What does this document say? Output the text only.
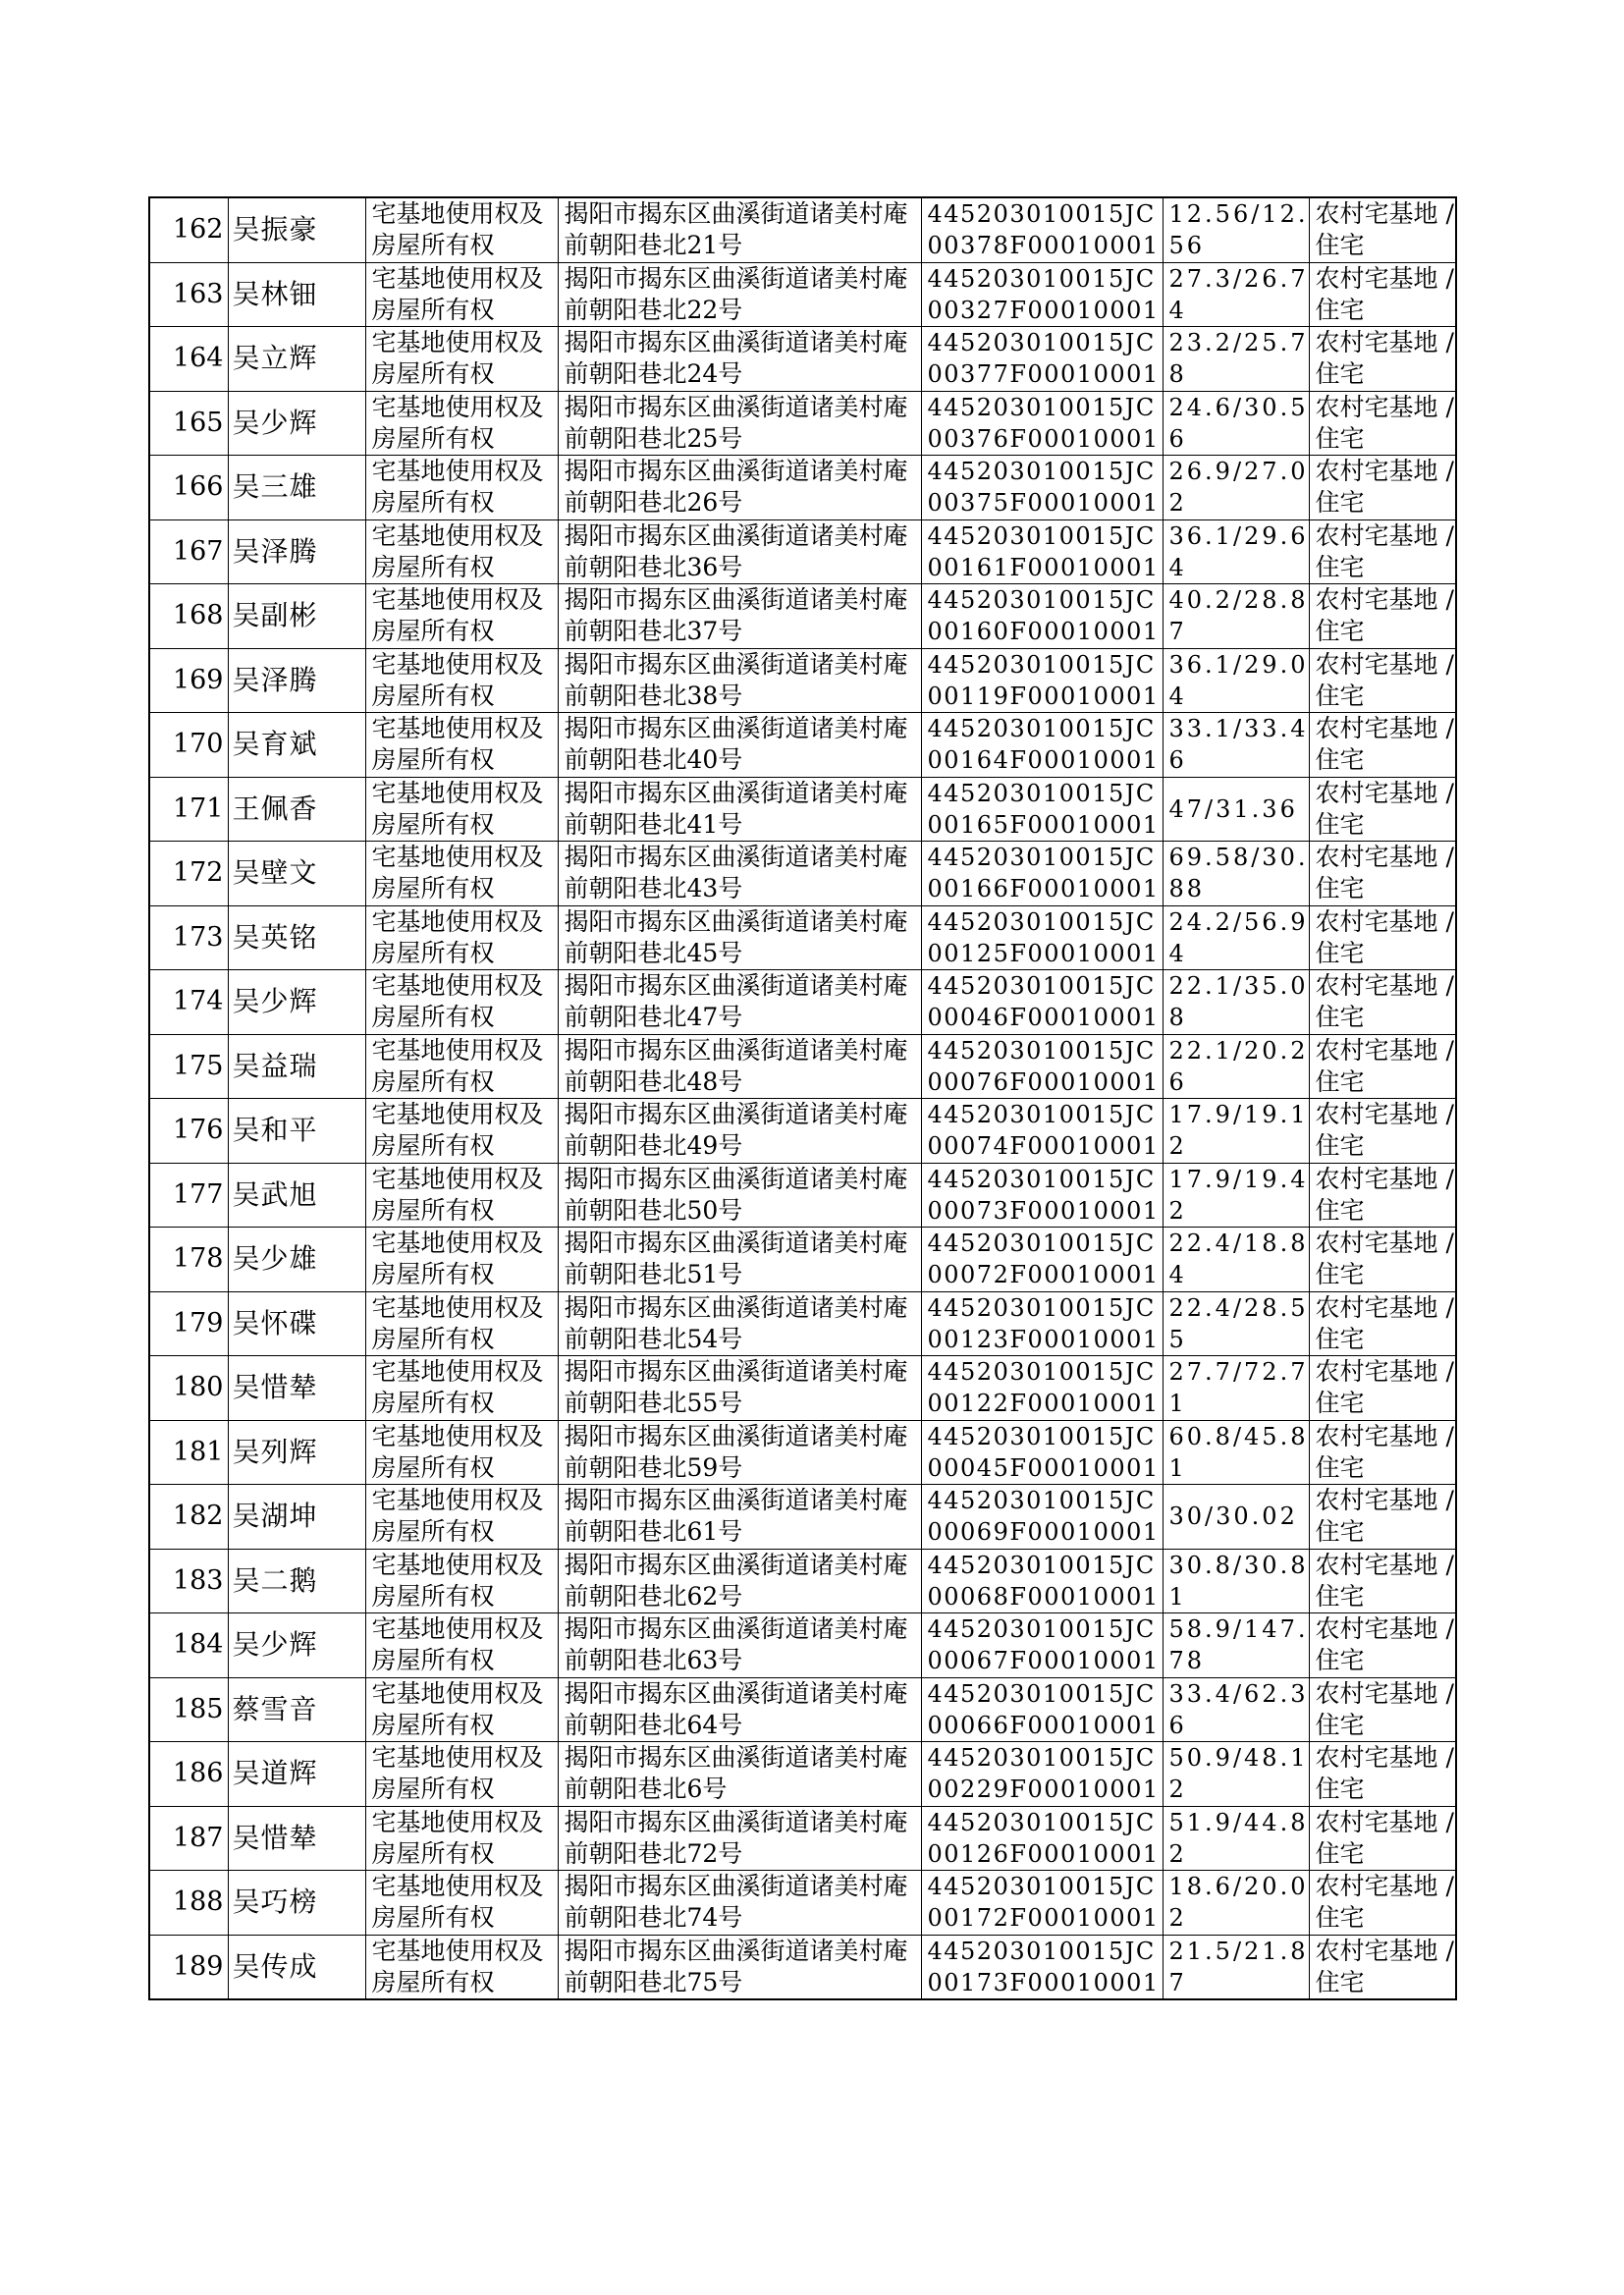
162	吴振豪	宅基地使用权及房屋所有权	揭阳市揭东区曲溪街道诸美村庵前朝阳巷北21号	445203010015JC00378F00010001	12.56/12.56	农村宅基地 / 住宅
163	吴林钿	宅基地使用权及房屋所有权	揭阳市揭东区曲溪街道诸美村庵前朝阳巷北22号	445203010015JC00327F00010001	27.3/26.74	农村宅基地 / 住宅
164	吴立辉	宅基地使用权及房屋所有权	揭阳市揭东区曲溪街道诸美村庵前朝阳巷北24号	445203010015JC00377F00010001	23.2/25.78	农村宅基地 / 住宅
165	吴少辉	宅基地使用权及房屋所有权	揭阳市揭东区曲溪街道诸美村庵前朝阳巷北25号	445203010015JC00376F00010001	24.6/30.56	农村宅基地 / 住宅
166	吴三雄	宅基地使用权及房屋所有权	揭阳市揭东区曲溪街道诸美村庵前朝阳巷北26号	445203010015JC00375F00010001	26.9/27.02	农村宅基地 / 住宅
167	吴泽腾	宅基地使用权及房屋所有权	揭阳市揭东区曲溪街道诸美村庵前朝阳巷北36号	445203010015JC00161F00010001	36.1/29.64	农村宅基地 / 住宅
168	吴副彬	宅基地使用权及房屋所有权	揭阳市揭东区曲溪街道诸美村庵前朝阳巷北37号	445203010015JC00160F00010001	40.2/28.87	农村宅基地 / 住宅
169	吴泽腾	宅基地使用权及房屋所有权	揭阳市揭东区曲溪街道诸美村庵前朝阳巷北38号	445203010015JC00119F00010001	36.1/29.04	农村宅基地 / 住宅
170	吴育斌	宅基地使用权及房屋所有权	揭阳市揭东区曲溪街道诸美村庵前朝阳巷北40号	445203010015JC00164F00010001	33.1/33.46	农村宅基地 / 住宅
171	王佩香	宅基地使用权及房屋所有权	揭阳市揭东区曲溪街道诸美村庵前朝阳巷北41号	445203010015JC00165F00010001	47/31.36	农村宅基地 / 住宅
172	吴壁文	宅基地使用权及房屋所有权	揭阳市揭东区曲溪街道诸美村庵前朝阳巷北43号	445203010015JC00166F00010001	69.58/30.88	农村宅基地 / 住宅
173	吴英铭	宅基地使用权及房屋所有权	揭阳市揭东区曲溪街道诸美村庵前朝阳巷北45号	445203010015JC00125F00010001	24.2/56.94	农村宅基地 / 住宅
174	吴少辉	宅基地使用权及房屋所有权	揭阳市揭东区曲溪街道诸美村庵前朝阳巷北47号	445203010015JC00046F00010001	22.1/35.08	农村宅基地 / 住宅
175	吴益瑞	宅基地使用权及房屋所有权	揭阳市揭东区曲溪街道诸美村庵前朝阳巷北48号	445203010015JC00076F00010001	22.1/20.26	农村宅基地 / 住宅
176	吴和平	宅基地使用权及房屋所有权	揭阳市揭东区曲溪街道诸美村庵前朝阳巷北49号	445203010015JC00074F00010001	17.9/19.12	农村宅基地 / 住宅
177	吴武旭	宅基地使用权及房屋所有权	揭阳市揭东区曲溪街道诸美村庵前朝阳巷北50号	445203010015JC00073F00010001	17.9/19.42	农村宅基地 / 住宅
178	吴少雄	宅基地使用权及房屋所有权	揭阳市揭东区曲溪街道诸美村庵前朝阳巷北51号	445203010015JC00072F00010001	22.4/18.84	农村宅基地 / 住宅
179	吴怀碟	宅基地使用权及房屋所有权	揭阳市揭东区曲溪街道诸美村庵前朝阳巷北54号	445203010015JC00123F00010001	22.4/28.55	农村宅基地 / 住宅
180	吴惜辇	宅基地使用权及房屋所有权	揭阳市揭东区曲溪街道诸美村庵前朝阳巷北55号	445203010015JC00122F00010001	27.7/72.71	农村宅基地 / 住宅
181	吴列辉	宅基地使用权及房屋所有权	揭阳市揭东区曲溪街道诸美村庵前朝阳巷北59号	445203010015JC00045F00010001	60.8/45.81	农村宅基地 / 住宅
182	吴湖坤	宅基地使用权及房屋所有权	揭阳市揭东区曲溪街道诸美村庵前朝阳巷北61号	445203010015JC00069F00010001	30/30.02	农村宅基地 / 住宅
183	吴二鹅	宅基地使用权及房屋所有权	揭阳市揭东区曲溪街道诸美村庵前朝阳巷北62号	445203010015JC00068F00010001	30.8/30.81	农村宅基地 / 住宅
184	吴少辉	宅基地使用权及房屋所有权	揭阳市揭东区曲溪街道诸美村庵前朝阳巷北63号	445203010015JC00067F00010001	58.9/147.78	农村宅基地 / 住宅
185	蔡雪音	宅基地使用权及房屋所有权	揭阳市揭东区曲溪街道诸美村庵前朝阳巷北64号	445203010015JC00066F00010001	33.4/62.36	农村宅基地 / 住宅
186	吴道辉	宅基地使用权及房屋所有权	揭阳市揭东区曲溪街道诸美村庵前朝阳巷北6号	445203010015JC00229F00010001	50.9/48.12	农村宅基地 / 住宅
187	吴惜辇	宅基地使用权及房屋所有权	揭阳市揭东区曲溪街道诸美村庵前朝阳巷北72号	445203010015JC00126F00010001	51.9/44.82	农村宅基地 / 住宅
188	吴巧榜	宅基地使用权及房屋所有权	揭阳市揭东区曲溪街道诸美村庵前朝阳巷北74号	445203010015JC00172F00010001	18.6/20.02	农村宅基地 / 住宅
189	吴传成	宅基地使用权及房屋所有权	揭阳市揭东区曲溪街道诸美村庵前朝阳巷北75号	445203010015JC00173F00010001	21.5/21.87	农村宅基地 / 住宅
